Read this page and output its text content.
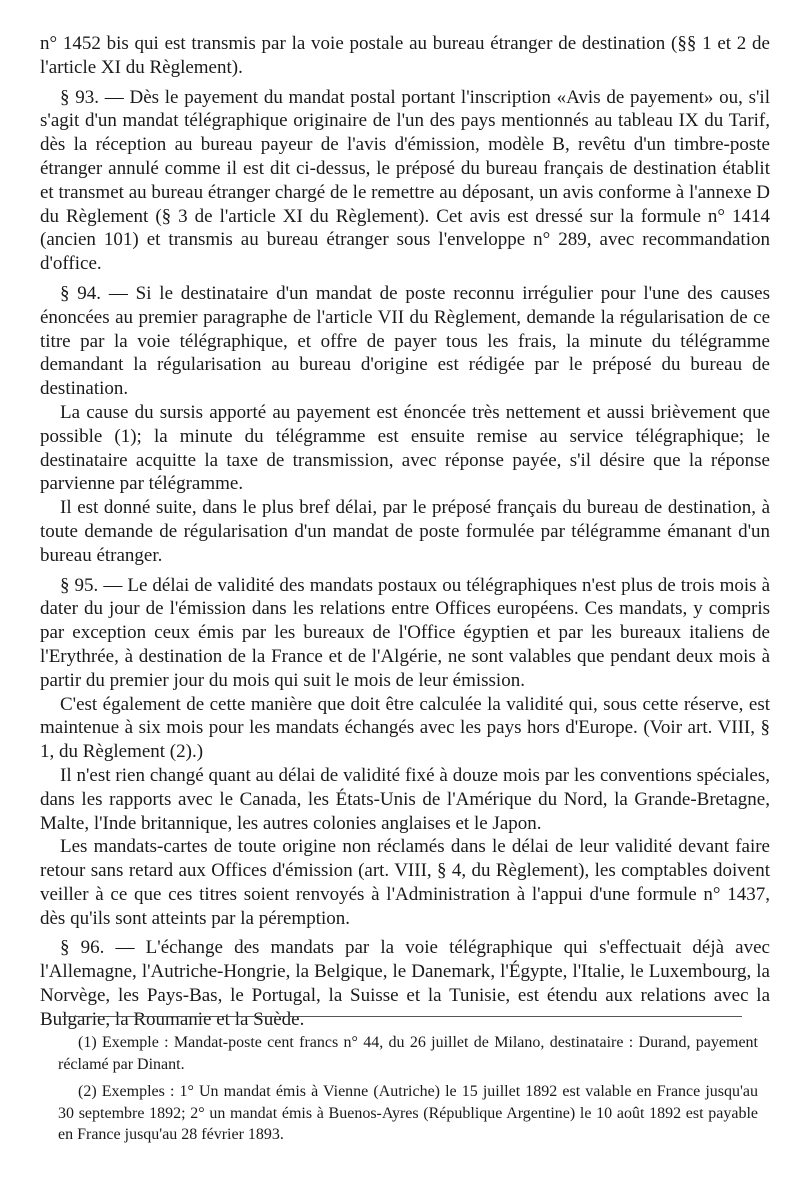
n° 1452 bis qui est transmis par la voie postale au bureau étranger de destination (§§ 1 et 2 de l'article XI du Règlement).

§ 93. — Dès le payement du mandat postal portant l'inscription «Avis de payement» ou, s'il s'agit d'un mandat télégraphique originaire de l'un des pays mentionnés au tableau IX du Tarif, dès la réception au bureau payeur de l'avis d'émission, modèle B, revêtu d'un timbre-poste étranger annulé comme il est dit ci-dessus, le préposé du bureau français de destination établit et transmet au bureau étranger chargé de le remettre au déposant, un avis conforme à l'annexe D du Règlement (§ 3 de l'article XI du Règlement). Cet avis est dressé sur la formule n° 1414 (ancien 101) et transmis au bureau étranger sous l'enveloppe n° 289, avec recommandation d'office.

§ 94. — Si le destinataire d'un mandat de poste reconnu irrégulier pour l'une des causes énoncées au premier paragraphe de l'article VII du Règlement, demande la régularisation de ce titre par la voie télégraphique, et offre de payer tous les frais, la minute du télégramme demandant la régularisation au bureau d'origine est rédigée par le préposé du bureau de destination.

La cause du sursis apporté au payement est énoncée très nettement et aussi brièvement que possible (1); la minute du télégramme est ensuite remise au service télégraphique; le destinataire acquitte la taxe de transmission, avec réponse payée, s'il désire que la réponse parvienne par télégramme.

Il est donné suite, dans le plus bref délai, par le préposé français du bureau de destination, à toute demande de régularisation d'un mandat de poste formulée par télégramme émanant d'un bureau étranger.

§ 95. — Le délai de validité des mandats postaux ou télégraphiques n'est plus de trois mois à dater du jour de l'émission dans les relations entre Offices européens. Ces mandats, y compris par exception ceux émis par les bureaux de l'Office égyptien et par les bureaux italiens de l'Erythrée, à destination de la France et de l'Algérie, ne sont valables que pendant deux mois à partir du premier jour du mois qui suit le mois de leur émission.

C'est également de cette manière que doit être calculée la validité qui, sous cette réserve, est maintenue à six mois pour les mandats échangés avec les pays hors d'Europe. (Voir art. VIII, § 1, du Règlement (2).)

Il n'est rien changé quant au délai de validité fixé à douze mois par les conventions spéciales, dans les rapports avec le Canada, les États-Unis de l'Amérique du Nord, la Grande-Bretagne, Malte, l'Inde britannique, les autres colonies anglaises et le Japon.

Les mandats-cartes de toute origine non réclamés dans le délai de leur validité devant faire retour sans retard aux Offices d'émission (art. VIII, § 4, du Règlement), les comptables doivent veiller à ce que ces titres soient renvoyés à l'Administration à l'appui d'une formule n° 1437, dès qu'ils sont atteints par la péremption.

§ 96. — L'échange des mandats par la voie télégraphique qui s'effectuait déjà avec l'Allemagne, l'Autriche-Hongrie, la Belgique, le Danemark, l'Égypte, l'Italie, le Luxembourg, la Norvège, les Pays-Bas, le Portugal, la Suisse et la Tunisie, est étendu aux relations avec la Bulgarie, la Roumanie et la Suède.

(1) Exemple : Mandat-poste cent francs n° 44, du 26 juillet de Milano, destinataire : Durand, payement réclamé par Dinant.

(2) Exemples : 1° Un mandat émis à Vienne (Autriche) le 15 juillet 1892 est valable en France jusqu'au 30 septembre 1892; 2° un mandat émis à Buenos-Ayres (République Argentine) le 10 août 1892 est payable en France jusqu'au 28 février 1893.
